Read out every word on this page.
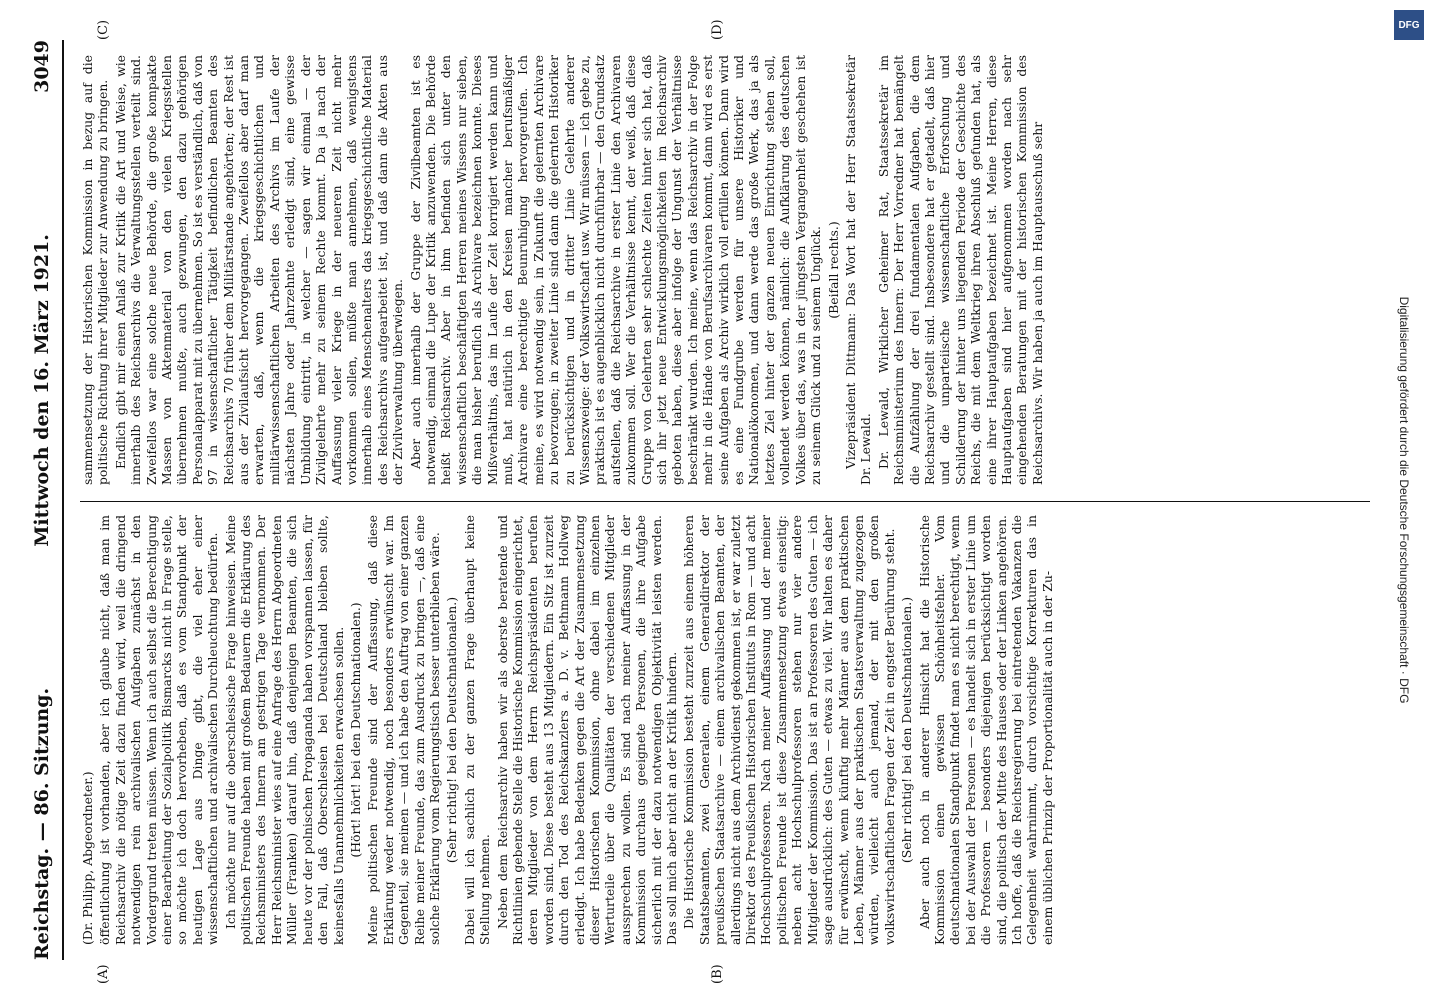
Reichstag. — 86. Sitzung.
Mittwoch den 16. März 1921.
3049
(A)	(B)
(C)	(D)

(Dr. Philipp, Abgeordneter.) öffentlichung ist vorhanden, aber ich glaube nicht, daß man im Reichsarchiv die nötige Zeit dazu finden wird, weil die dringend notwendigen rein archivalischen Aufgaben zunächst in den Vordergrund treten müssen. Wenn ich auch selbst die Berechtigung einer Bearbeitung der Sozialpolitik Bismarcks nicht in Frage stelle, so möchte ich doch hervorheben, daß es vom Standpunkt der heutigen Lage aus Dinge gibt, die viel eher einer wissenschaftlichen und archivalischen Durchleuchtung bedürfen. Ich möchte nur auf die oberschlesische Frage hinweisen. Meine politischen Freunde haben mit großem Bedauern die Erklärung des Reichsministers des Innern am gestrigen Tage vernommen. Der Herr Reichsminister wies auf eine Anfrage des Herrn Abgeordneten Müller (Franken) darauf hin, daß denjenigen Beamten, die sich heute vor der polnischen Propaganda haben vorspannen lassen, für den Fall, daß Oberschlesien bei Deutschland bleiben sollte, keinesfalls Unannehmlichkeiten erwachsen sollen. (Hört! hört! bei den Deutschnationalen.) Meine politischen Freunde sind der Auffassung, daß diese Erklärung weder notwendig, noch besonders erwünscht war. Im Gegenteil, sie meinen — und ich habe den Auftrag von einer ganzen Reihe meiner Freunde, das zum Ausdruck zu bringen —, daß eine solche Erklärung vom Regierungstisch besser unterblieben wäre. (Sehr richtig! bei den Deutschnationalen.) Dabei will ich sachlich zu der ganzen Frage überhaupt keine Stellung nehmen. Neben dem Reichsarchiv haben wir als oberste beratende und Richtlinien gebende Stelle die Historische Kommission eingerichtet, deren Mitglieder von dem Herrn Reichspräsidenten berufen worden sind. Diese besteht aus 13 Mitgliedern. Ein Sitz ist zurzeit durch den Tod des Reichskanzlers a. D. v. Bethmann Hollweg erledigt. Ich habe Bedenken gegen die Art der Zusammensetzung dieser Historischen Kommission, ohne dabei im einzelnen Werturteile über die Qualitäten der verschiedenen Mitglieder aussprechen zu wollen. Es sind nach meiner Auffassung in der Kommission durchaus geeignete Personen, die ihre Aufgabe sicherlich mit der dazu notwendigen Objektivität leisten werden. Das soll mich aber nicht an der Kritik hindern. Die Historische Kommission besteht zurzeit aus einem höheren Staatsbeamten, zwei Generalen, einem Generaldirektor der preußischen Staatsarchive — einem archivalischen Beamten, der allerdings nicht aus dem Archivdienst gekommen ist, er war zuletzt Direktor des Preußischen Historischen Instituts in Rom — und acht Hochschulprofessoren. Nach meiner Auffassung und der meiner politischen Freunde ist diese Zusammensetzung etwas einseitig: neben acht Hochschulprofessoren stehen nur vier andere Mitglieder der Kommission. Das ist an Professoren des Guten — ich sage ausdrücklich: des Guten — etwas zu viel. Wir halten es daher für erwünscht, wenn künftig mehr Männer aus dem praktischen Leben, Männer aus der praktischen Staatsverwaltung zugezogen würden, vielleicht auch jemand, der mit den großen volkswirtschaftlichen Fragen der Zeit in engster Berührung steht. (Sehr richtig! bei den Deutschnationalen.) Aber auch noch in anderer Hinsicht hat die Historische Kommission einen gewissen Schönheitsfehler. Vom deutschnationalen Standpunkt findet man es nicht berechtigt, wenn bei der Auswahl der Personen — es handelt sich in erster Linie um die Professoren — besonders diejenigen berücksichtigt worden sind, die politisch der Mitte des Hauses oder der Linken angehören. Ich hoffe, daß die Reichsregierung bei eintretenden Vakanzen die Gelegenheit wahrnimmt, durch vorsichtige Korrekturen das in einem üblichen Prinzip der Proportionalität auch in der Zu-

sammensetzung der Historischen Kommission in bezug auf die politische Richtung ihrer Mitglieder zur Anwendung zu bringen. Endlich gibt mir einen Anlaß zur Kritik die Art und Weise, wie innerhalb des Reichsarchivs die Verwaltungsstellen verteilt sind. Zweifellos war eine solche neue Behörde, die große kompakte Massen von Aktenmaterial von den vielen Kriegsstellen übernehmen mußte, auch gezwungen, den dazu gehörigen Personalapparat mit zu übernehmen. So ist es verständlich, daß von 97 in wissenschaftlicher Tätigkeit befindlichen Beamten des Reichsarchivs 70 früher dem Militärstande angehörten; der Rest ist aus der Zivilaufsicht hervorgegangen. Zweifellos aber darf man erwarten, daß, wenn die kriegsgeschichtlichen und militärwissenschaftlichen Arbeiten des Archivs im Laufe der nächsten Jahre oder Jahrzehnte erledigt sind, eine gewisse Umbildung eintritt, in welcher — sagen wir einmal — der Zivilgelehrte mehr zu seinem Rechte kommt. Da ja nach der Auffassung vieler Kriege in der neueren Zeit nicht mehr vorkommen sollen, müßte man annehmen, daß wenigstens innerhalb eines Menschenalters das kriegsgeschichtliche Material des Reichsarchivs aufgearbeitet ist, und daß dann die Akten aus der Zivilverwaltung überwiegen. Aber auch innerhalb der Gruppe der Zivilbeamten ist es notwendig, einmal die Lupe der Kritik anzuwenden. Die Behörde heißt Reichsarchiv. Aber in ihm befinden sich unter den wissenschaftlich beschäftigten Herren meines Wissens nur sieben, die man bisher beruflich als Archivare bezeichnen konnte. Dieses Mißverhältnis, das im Laufe der Zeit korrigiert werden kann und muß, hat natürlich in den Kreisen mancher berufsmäßiger Archivare eine berechtigte Beunruhigung hervorgerufen. Ich meine, es wird notwendig sein, in Zukunft die gelernten Archivare zu bevorzugen; in zweiter Linie sind dann die gelernten Historiker zu berücksichtigen und in dritter Linie Gelehrte anderer Wissenszweige: der Volkswirtschaft usw. Wir müssen — ich gebe zu, praktisch ist es augenblicklich nicht durchführbar — den Grundsatz aufstellen, daß die Reichsarchive in erster Linie den Archivaren zukommen soll. Wer die Verhältnisse kennt, der weiß, daß diese Gruppe von Gelehrten sehr schlechte Zeiten hinter sich hat, daß sich ihr jetzt neue Entwicklungsmöglichkeiten im Reichsarchiv geboten haben, diese aber infolge der Ungunst der Verhältnisse beschränkt wurden. Ich meine, wenn das Reichsarchiv in der Folge mehr in die Hände von Berufsarchivaren kommt, dann wird es erst seine Aufgaben als Archiv wirklich voll erfüllen können. Dann wird es eine Fundgrube werden für unsere Historiker und Nationalökonomen, und dann werde das große Werk, das ja als letztes Ziel hinter der ganzen neuen Einrichtung stehen soll, vollendet werden können, nämlich: die Aufklärung des deutschen Volkes über das, was in der jüngsten Vergangenheit geschehen ist zu seinem Glück und zu seinem Unglück. (Beifall rechts.) Vizepräsident Dittmann: Das Wort hat der Herr Staatssekretär Dr. Lewald. Dr. Lewald, Wirklicher Geheimer Rat, Staatssekretär im Reichsministerium des Innern: Der Herr Vorredner hat bemängelt die Aufzählung der drei fundamentalen Aufgaben, die dem Reichsarchiv gestellt sind. Insbesondere hat er getadelt, daß hier und die unparteiische wissenschaftliche Erforschung und Schilderung der hinter uns liegenden Periode der Geschichte des Reichs, die mit dem Weltkrieg ihren Abschluß gefunden hat, als eine ihrer Hauptaufgaben bezeichnet ist. Meine Herren, diese Hauptaufgaben sind hier aufgenommen worden nach sehr eingehenden Beratungen mit der historischen Kommission des Reichsarchivs. Wir haben ja auch im Hauptausschuß sehr

DFG
Digitalisierung gefördert durch die Deutsche Forschungsgemeinschaft · DFG
